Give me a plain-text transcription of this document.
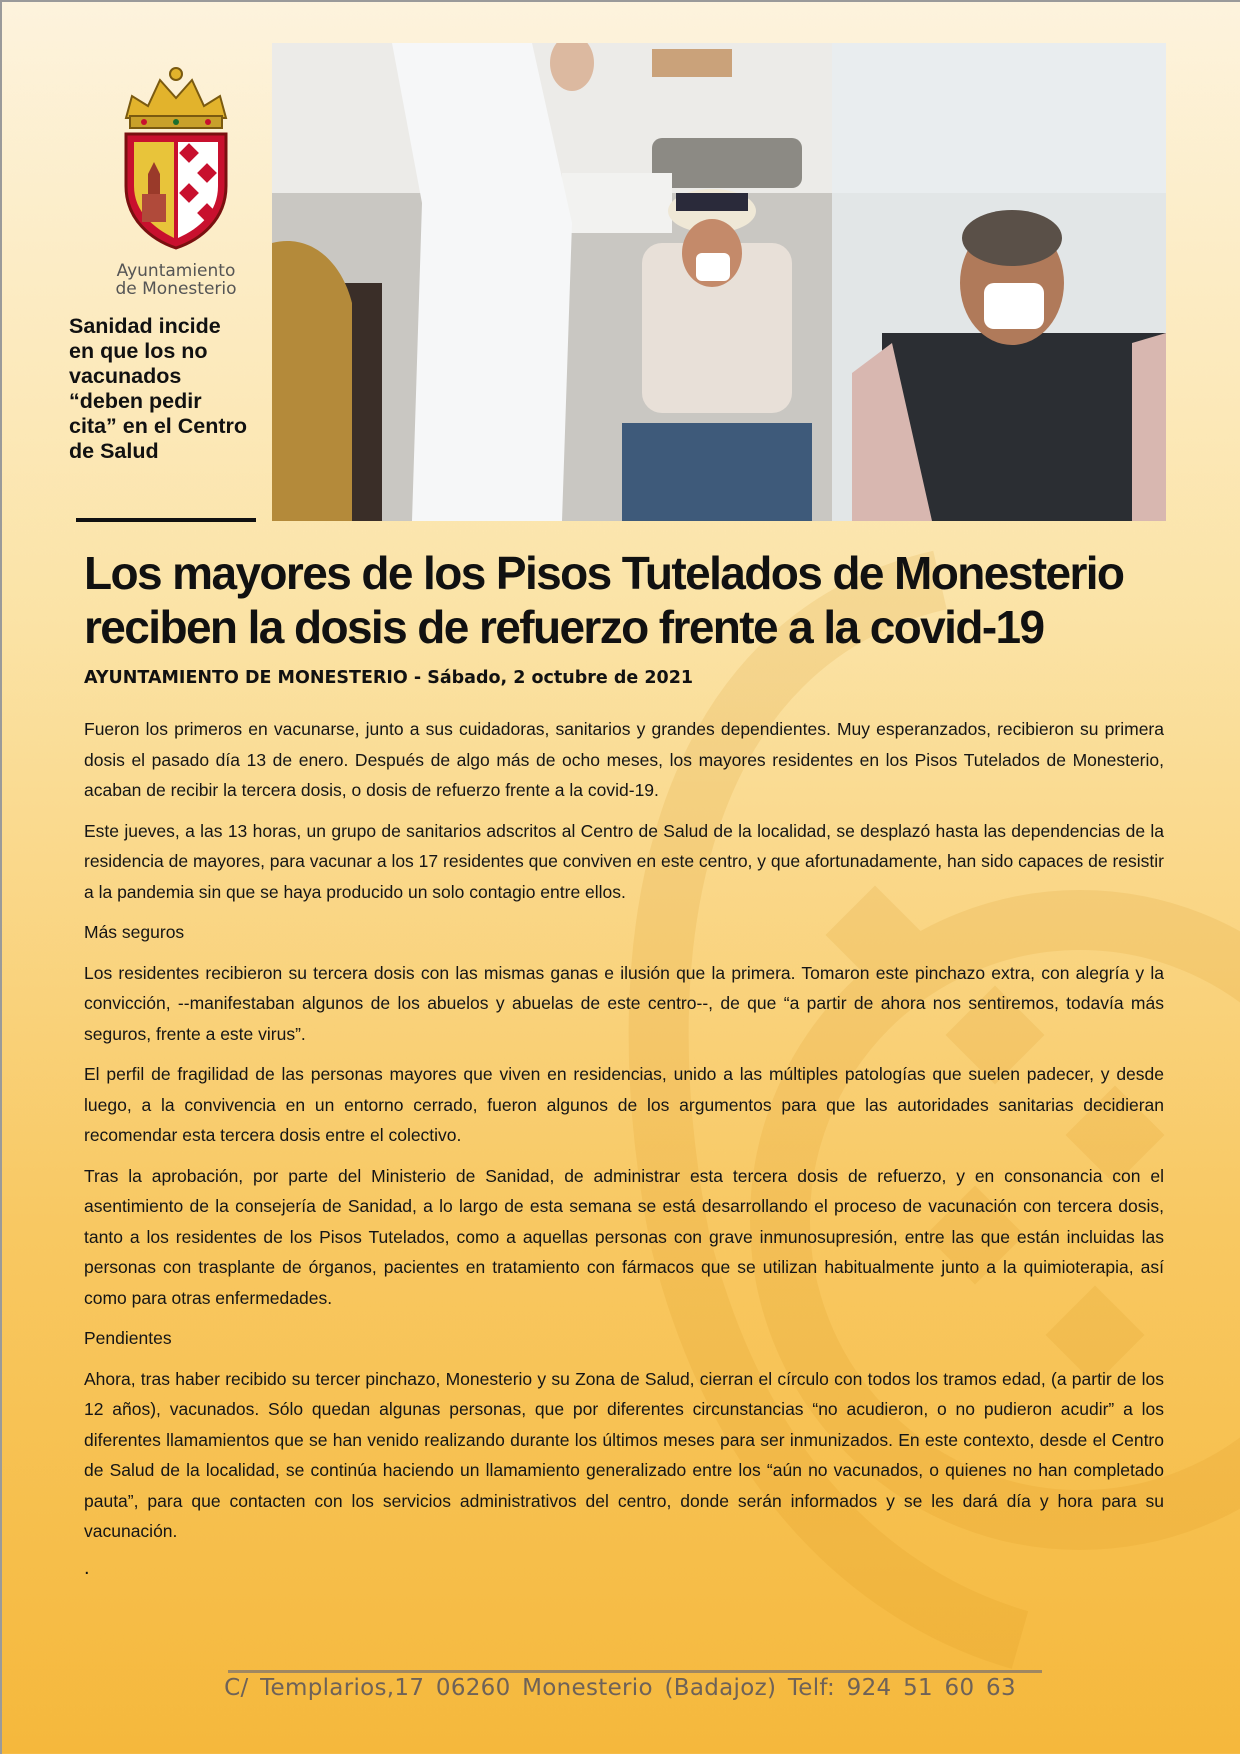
Ayuntamiento
de Monesterio
Sanidad incide en que los no vacunados “deben pedir cita” en el Centro de Salud
Los mayores de los Pisos Tutelados de Monesterio reciben la dosis de refuerzo frente a la covid-19

AYUNTAMIENTO DE MONESTERIO - Sábado, 2 octubre de 2021

Fueron los primeros en vacunarse, junto a sus cuidadoras, sanitarios y grandes dependientes. Muy esperanzados, recibieron su primera dosis el pasado día 13 de enero. Después de algo más de ocho meses, los mayores residentes en los Pisos Tutelados de Monesterio, acaban de recibir la tercera dosis, o dosis de refuerzo frente a la covid-19.

Este jueves, a las 13 horas, un grupo de sanitarios adscritos al Centro de Salud de la localidad, se desplazó hasta las dependencias de la residencia de mayores, para vacunar a los 17 residentes que conviven en este centro, y que afortunadamente, han sido capaces de resistir a la pandemia sin que se haya producido un solo contagio entre ellos.

Más seguros

Los residentes recibieron su tercera dosis con las mismas ganas e ilusión que la primera. Tomaron este pinchazo extra, con alegría y la convicción, --manifestaban algunos de los abuelos y abuelas de este centro--, de que “a partir de ahora nos sentiremos, todavía más seguros, frente a este virus”.

El perfil de fragilidad de las personas mayores que viven en residencias, unido a las múltiples patologías que suelen padecer, y desde luego, a la convivencia en un entorno cerrado, fueron algunos de los argumentos para que las autoridades sanitarias decidieran recomendar esta tercera dosis entre el colectivo.

Tras la aprobación, por parte del Ministerio de Sanidad, de administrar esta tercera dosis de refuerzo, y en consonancia con el asentimiento de la consejería de Sanidad, a lo largo de esta semana se está desarrollando el proceso de vacunación con tercera dosis, tanto a los residentes de los Pisos Tutelados, como a aquellas personas con grave inmunosupresión, entre las que están incluidas las personas con trasplante de órganos, pacientes en tratamiento con fármacos que se utilizan habitualmente junto a la quimioterapia, así como para otras enfermedades.

Pendientes

Ahora, tras haber recibido su tercer pinchazo, Monesterio y su Zona de Salud, cierran el círculo con todos los tramos edad, (a partir de los 12 años), vacunados. Sólo quedan algunas personas, que por diferentes circunstancias “no acudieron, o no pudieron acudir” a los diferentes llamamientos que se han venido realizando durante los últimos meses para ser inmunizados. En este contexto, desde el Centro de Salud de la localidad, se continúa haciendo un llamamiento generalizado entre los “aún no vacunados, o quienes no han completado pauta”, para que contacten con los servicios administrativos del centro, donde serán informados y se les dará día y hora para su vacunación.

.

C/ Templarios,17 06260 Monesterio (Badajoz) Telf: 924 51 60 63
